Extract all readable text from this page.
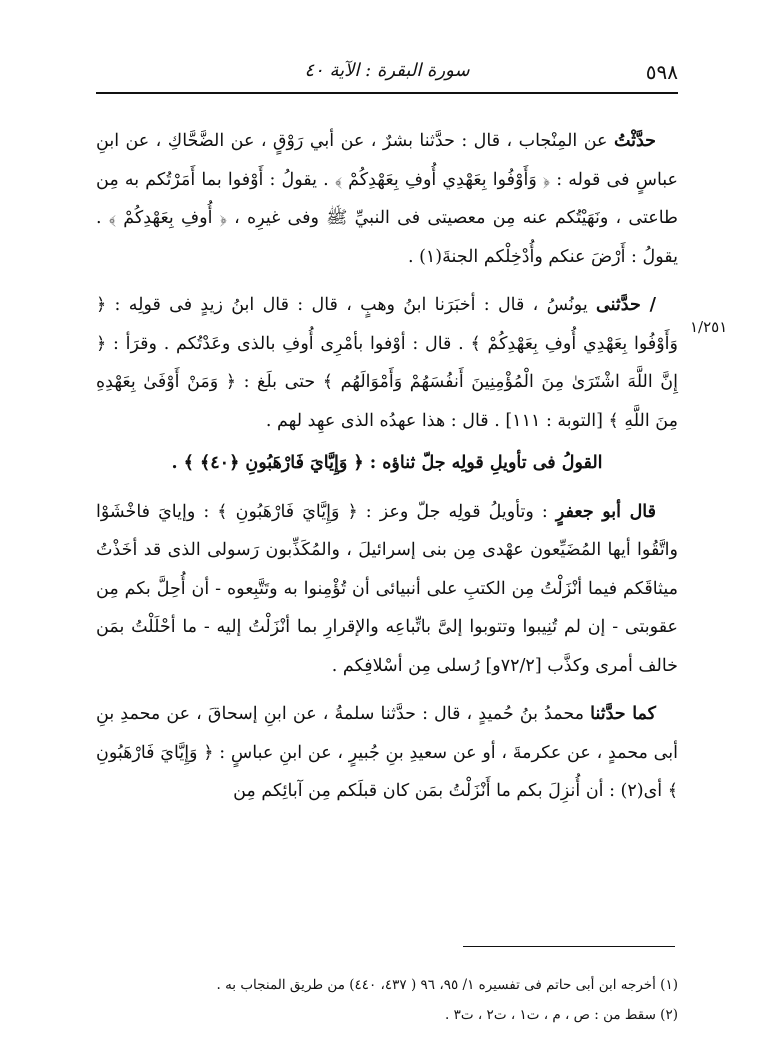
٥٩٨
سورة البقرة : الآية ٤٠
١/٢٥١

حدَّثْتُ عن المِنْجاب ، قال : حدَّثنا بشرٌ ، عن أبي رَوْقٍ ، عن الضَّحَّاكِ ، عن ابنِ عباسٍ فى قوله : ﴿ وَأَوْفُوا بِعَهْدِي أُوفِ بِعَهْدِكُمْ ﴾ . يقولُ : أَوْفوا بما أَمَرْتُكم به مِن طاعتى ، ونَهَيْتُكم عنه مِن معصيتى فى النبيِّ ﷺ وفى غيرِه ، ﴿ أُوفِ بِعَهْدِكُمْ ﴾ . يقولُ : أَرْضَ عنكم وأُدْخِلْكم الجنةَ(١) .

/ حدَّثنى يونُسُ ، قال : أخبَرَنا ابنُ وهبٍ ، قال : قال ابنُ زيدٍ فى قولِه : ﴿ وَأَوْفُوا بِعَهْدِي أُوفِ بِعَهْدِكُمْ ﴾ . قال : أوْفوا بأمْرِى أُوفِ بالذى وعَدْتُكم . وقرَأ : ﴿ إِنَّ اللَّهَ اشْتَرَىٰ مِنَ الْمُؤْمِنِينَ أَنفُسَهُمْ وَأَمْوَالَهُم ﴾ حتى بلَغ : ﴿ وَمَنْ أَوْفَىٰ بِعَهْدِهِ مِنَ اللَّهِ ﴾ [التوبة : ١١١] . قال : هذا عهدُه الذى عهِد لهم .

القولُ فى تأويلِ قولِه جلّ ثناؤه : ﴿ وَإِيَّايَ فَارْهَبُونِ ﴿٤٠﴾ ﴾ .

قال أبو جعفرٍ : وتأويلُ قولِه جلّ وعز : ﴿ وَإِيَّايَ فَارْهَبُونِ ﴾ : وإيايَ فاخْشَوْا واتَّقُوا أيها المُضَيِّعون عهْدى مِن بنى إسرائيلَ ، والمُكَذِّبون رَسولى الذى قد أخَذْتُ ميثاقَكم فيما أنْزَلْتُ مِن الكتبِ على أنبيائى أن تُؤْمِنوا به وتَتَّبِعوه - أن أُحِلَّ بكم مِن عقوبتى - إن لم تُنِيبوا وتتوبوا إلىَّ باتِّباعِه والإقرارِ بما أنْزَلْتُ إليه - ما أحْلَلْتُ بمَن خالف أمرى وكذَّب [٧٢/٢و] رُسلى مِن أسْلافِكم .

كما حدَّثنا محمدُ بنُ حُميدٍ ، قال : حدَّثنا سلمةُ ، عن ابنِ إسحاقَ ، عن محمدِ بنِ أبى محمدٍ ، عن عكرمةَ ، أو عن سعيدِ بنِ جُبيرٍ ، عن ابنِ عباسٍ : ﴿ وَإِيَّايَ فَارْهَبُونِ ﴾ أى(٢) : أن أُنزِلَ بكم ما أَنْزَلْتُ بمَن كان قبلَكم مِن آبائِكم مِن

(١) أخرجه ابن أبى حاتم فى تفسيره ١/ ٩٥، ٩٦ ( ٤٣٧، ٤٤٠) من طريق المنجاب به .

(٢) سقط من : ص ، م ، ت١ ، ت٢ ، ت٣ .
